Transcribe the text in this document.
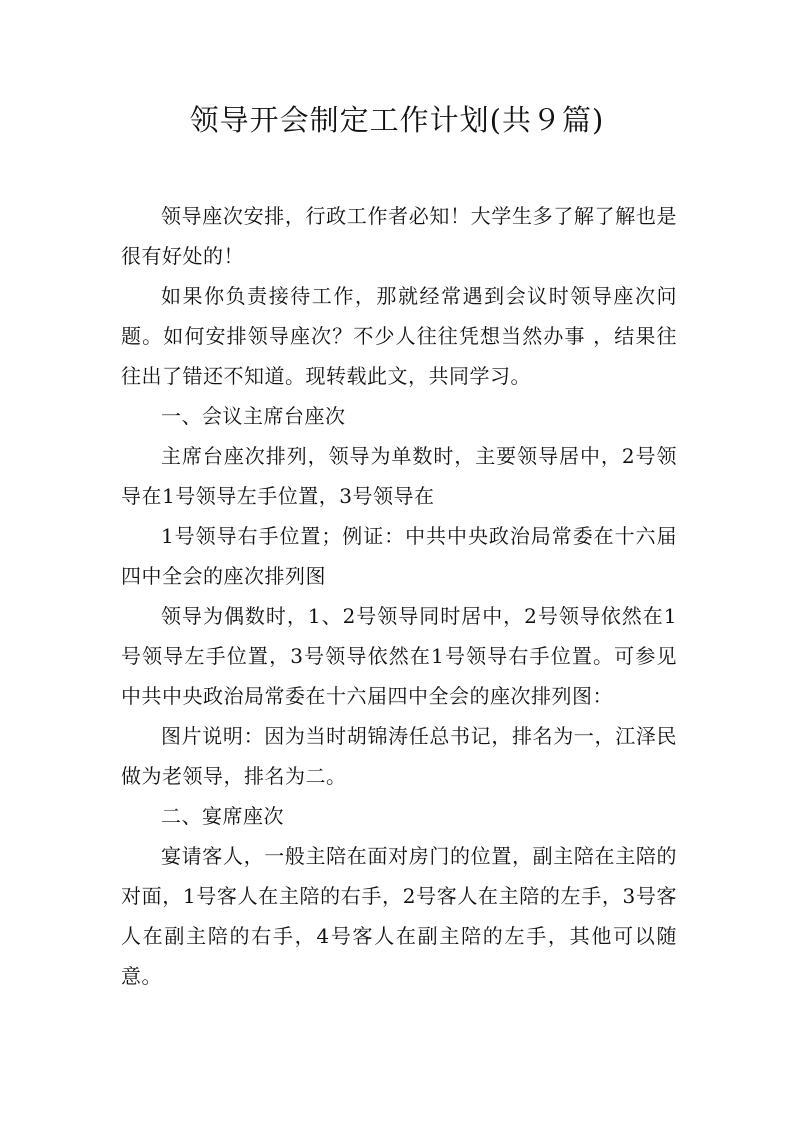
领导开会制定工作计划(共９篇)

领导座次安排，行政工作者必知！大学生多了解了解也是很有好处的！

如果你负责接待工作，那就经常遇到会议时领导座次问题。如何安排领导座次？不少人往往凭想当然办事 ，结果往往出了错还不知道。现转载此文，共同学习。

一、会议主席台座次

主席台座次排列，领导为单数时，主要领导居中，2号领导在1号领导左手位置，3号领导在

1号领导右手位置；例证：中共中央政治局常委在十六届四中全会的座次排列图

领导为偶数时，1、2号领导同时居中，2号领导依然在1号领导左手位置，3号领导依然在1号领导右手位置。可参见中共中央政治局常委在十六届四中全会的座次排列图：

图片说明：因为当时胡锦涛任总书记，排名为一，江泽民做为老领导，排名为二。

二、宴席座次

宴请客人，一般主陪在面对房门的位置，副主陪在主陪的对面，1号客人在主陪的右手，2号客人在主陪的左手，3号客人在副主陪的右手，4号客人在副主陪的左手，其他可以随意。
